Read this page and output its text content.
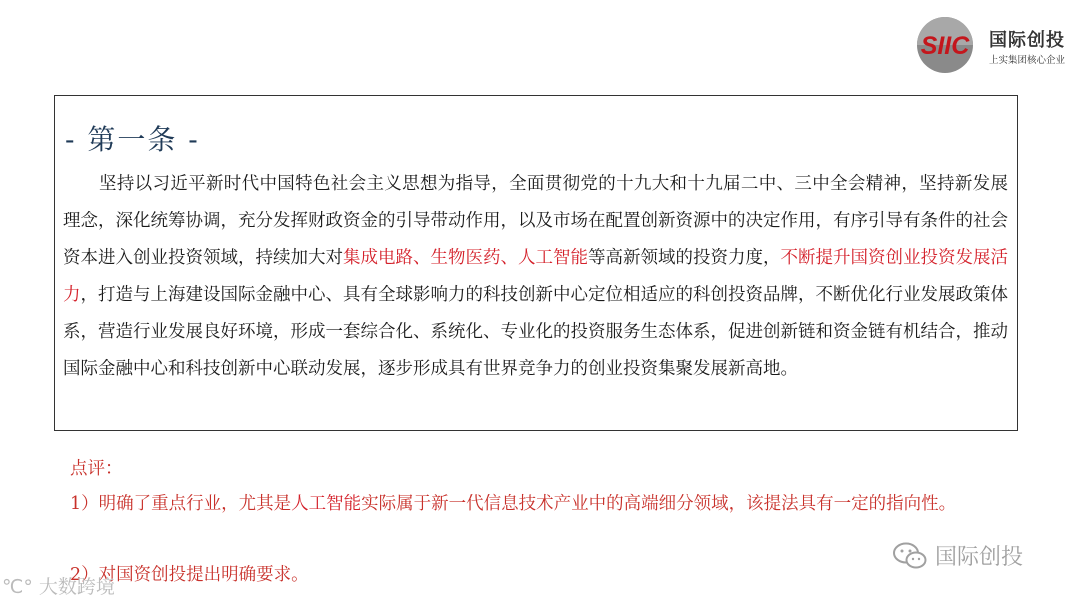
SIIC 国际创投
上实集团核心企业
- 第一条 -

坚持以习近平新时代中国特色社会主义思想为指导，全面贯彻党的十九大和十九届二中、三中全会精神，坚持新发展理念，深化统筹协调，充分发挥财政资金的引导带动作用，以及市场在配置创新资源中的决定作用，有序引导有条件的社会资本进入创业投资领域，持续加大对集成电路、生物医药、人工智能等高新领域的投资力度，不断提升国资创业投资发展活力，打造与上海建设国际金融中心、具有全球影响力的科技创新中心定位相适应的科创投资品牌，不断优化行业发展政策体系，营造行业发展良好环境，形成一套综合化、系统化、专业化的投资服务生态体系，促进创新链和资金链有机结合，推动国际金融中心和科技创新中心联动发展，逐步形成具有世界竞争力的创业投资集聚发展新高地。

点评：

1）明确了重点行业，尤其是人工智能实际属于新一代信息技术产业中的高端细分领域，该提法具有一定的指向性。

2）对国资创投提出明确要求。
℃° 大数跨境
国际创投
